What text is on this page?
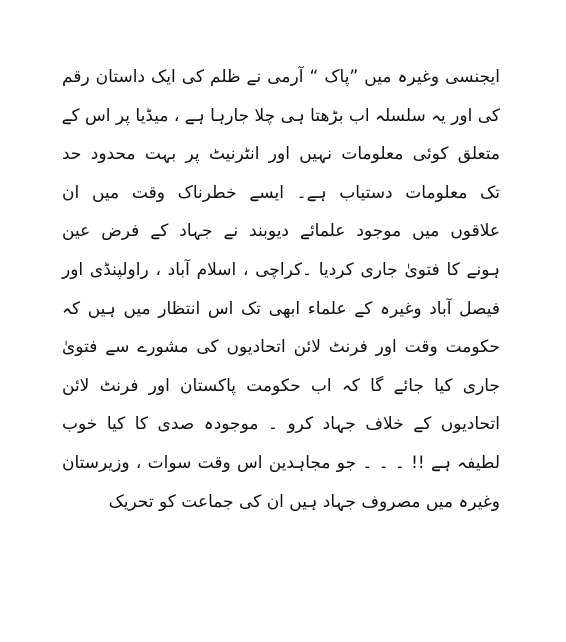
ایجنسی وغیرہ میں ”پاک “ آرمی نے ظلم کی ایک داستان رقم
کی اور یہ سلسلہ اب بڑھتا ہی چلا جارہا ہے ، میڈیا پر اس کے
متعلق کوئی معلومات نہیں اور انٹرنیٹ پر بہت محدود حد
تک معلومات دستیاب ہے۔ ایسے خطرناک وقت میں ان
علاقوں میں موجود علمائے دیوبند نے جہاد کے فرض عین
ہونے کا فتویٰ جاری کردیا ۔کراچی ، اسلام آباد ، راولپنڈی اور
فیصل آباد وغیرہ کے علماء ابھی تک اس انتظار میں ہیں کہ
حکومت وقت اور فرنٹ لائن اتحادیوں کی مشورے سے فتویٰ
جاری کیا جائے گا کہ اب حکومت پاکستان اور فرنٹ لائن
اتحادیوں کے خلاف جہاد کرو ۔ موجودہ صدی کا کیا خوب
لطیفہ ہے !! ۔ ۔ ۔ جو مجاہدین اس وقت سوات ، وزیرستان
وغیرہ میں مصروف جہاد ہیں ان کی جماعت کو تحریک
